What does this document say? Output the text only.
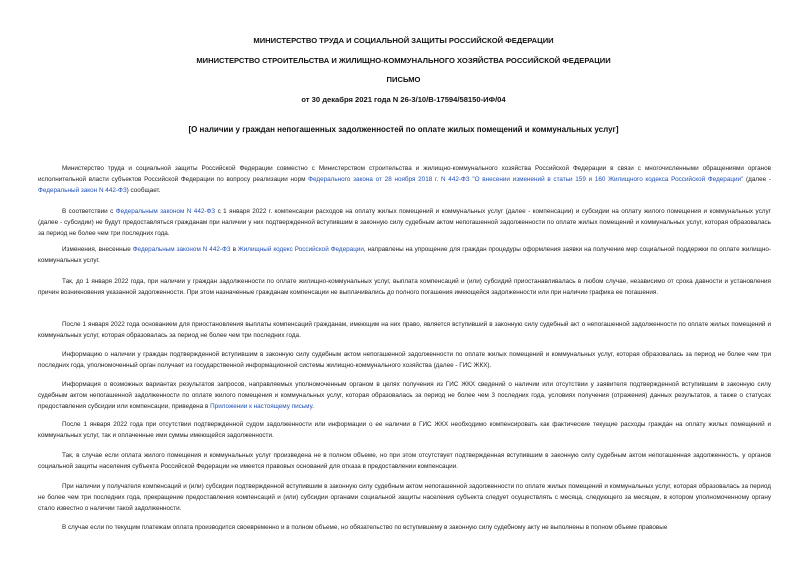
МИНИСТЕРСТВО ТРУДА И СОЦИАЛЬНОЙ ЗАЩИТЫ РОССИЙСКОЙ ФЕДЕРАЦИИ
МИНИСТЕРСТВО СТРОИТЕЛЬСТВА И ЖИЛИЩНО-КОММУНАЛЬНОГО ХОЗЯЙСТВА РОССИЙСКОЙ ФЕДЕРАЦИИ
ПИСЬМО
от 30 декабря 2021 года N 26-3/10/В-17594/58150-ИФ/04
[О наличии у граждан непогашенных задолженностей по оплате жилых помещений и коммунальных услуг]

Министерство труда и социальной защиты Российской Федерации совместно с Министерством строительства и жилищно-коммунального хозяйства Российской Федерации в связи с многочисленными обращениями органов исполнительной власти субъектов Российской Федерации по вопросу реализации норм Федерального закона от 28 ноября 2018 г. N 442-ФЗ "О внесении изменений в статьи 159 и 160 Жилищного кодекса Российской Федерации" (далее - Федеральный закон N 442-ФЗ) сообщает.

В соответствии с Федеральным законом N 442-ФЗ с 1 января 2022 г. компенсации расходов на оплату жилых помещений и коммунальных услуг (далее - компенсации) и субсидии на оплату жилого помещения и коммунальных услуг (далее - субсидии) не будут предоставляться гражданам при наличии у них подтвержденной вступившим в законную силу судебным актом непогашенной задолженности по оплате жилых помещений и коммунальных услуг, которая образовалась за период не более чем три последних года.

Изменения, внесенные Федеральным законом N 442-ФЗ в Жилищный кодекс Российской Федерации, направлены на упрощение для граждан процедуры оформления заявки на получение мер социальной поддержки по оплате жилищно-коммунальных услуг.

Так, до 1 января 2022 года, при наличии у граждан задолженности по оплате жилищно-коммунальных услуг, выплата компенсаций и (или) субсидий приостанавливалась в любом случае, независимо от срока давности и установления причин возникновения указанной задолженности. При этом назначенные гражданам компенсации не выплачивались до полного погашения имеющейся задолженности или при наличии графика ее погашения.

После 1 января 2022 года основанием для приостановления выплаты компенсаций гражданам, имеющим на них право, является вступивший в законную силу судебный акт о непогашенной задолженности по оплате жилых помещений и коммунальных услуг, которая образовалась за период не более чем три последних года.

Информацию о наличии у граждан подтвержденной вступившим в законную силу судебным актом непогашенной задолженности по оплате жилых помещений и коммунальных услуг, которая образовалась за период не более чем три последних года, уполномоченный орган получает из государственной информационной системы жилищно-коммунального хозяйства (далее - ГИС ЖКХ).

Информация о возможных вариантах результатов запросов, направляемых уполномоченным органом в целях получения из ГИС ЖКХ сведений о наличии или отсутствии у заявителя подтвержденной вступившим в законную силу судебным актом непогашенной задолженности по оплате жилого помещения и коммунальных услуг, которая образовалась за период не более чем 3 последних года, условиях получения (отражения) данных результатов, а также о статусах предоставления субсидии или компенсации, приведена в Приложении к настоящему письму.

После 1 января 2022 года при отсутствии подтвержденной судом задолженности или информации о ее наличии в ГИС ЖКХ необходимо компенсировать как фактические текущие расходы граждан на оплату жилых помещений и коммунальных услуг, так и оплаченные ими суммы имеющейся задолженности.

Так, в случае если оплата жилого помещения и коммунальных услуг произведена не в полном объеме, но при этом отсутствует подтвержденная вступившим в законную силу судебным актом непогашенная задолженность, у органов социальной защиты населения субъекта Российской Федерации не имеется правовых оснований для отказа в предоставлении компенсации.

При наличии у получателя компенсаций и (или) субсидии подтвержденной вступившим в законную силу судебным актом непогашенной задолженности по оплате жилых помещений и коммунальных услуг, которая образовалась за период не более чем три последних года, прекращение предоставления компенсаций и (или) субсидии органами социальной защиты населения субъекта следует осуществлять с месяца, следующего за месяцем, в котором уполномоченному органу стало известно о наличии такой задолженности.

В случае если по текущим платежам оплата производится своевременно и в полном объеме, но обязательство по вступившему в законную силу судебному акту не выполнены в полном объеме правовые
